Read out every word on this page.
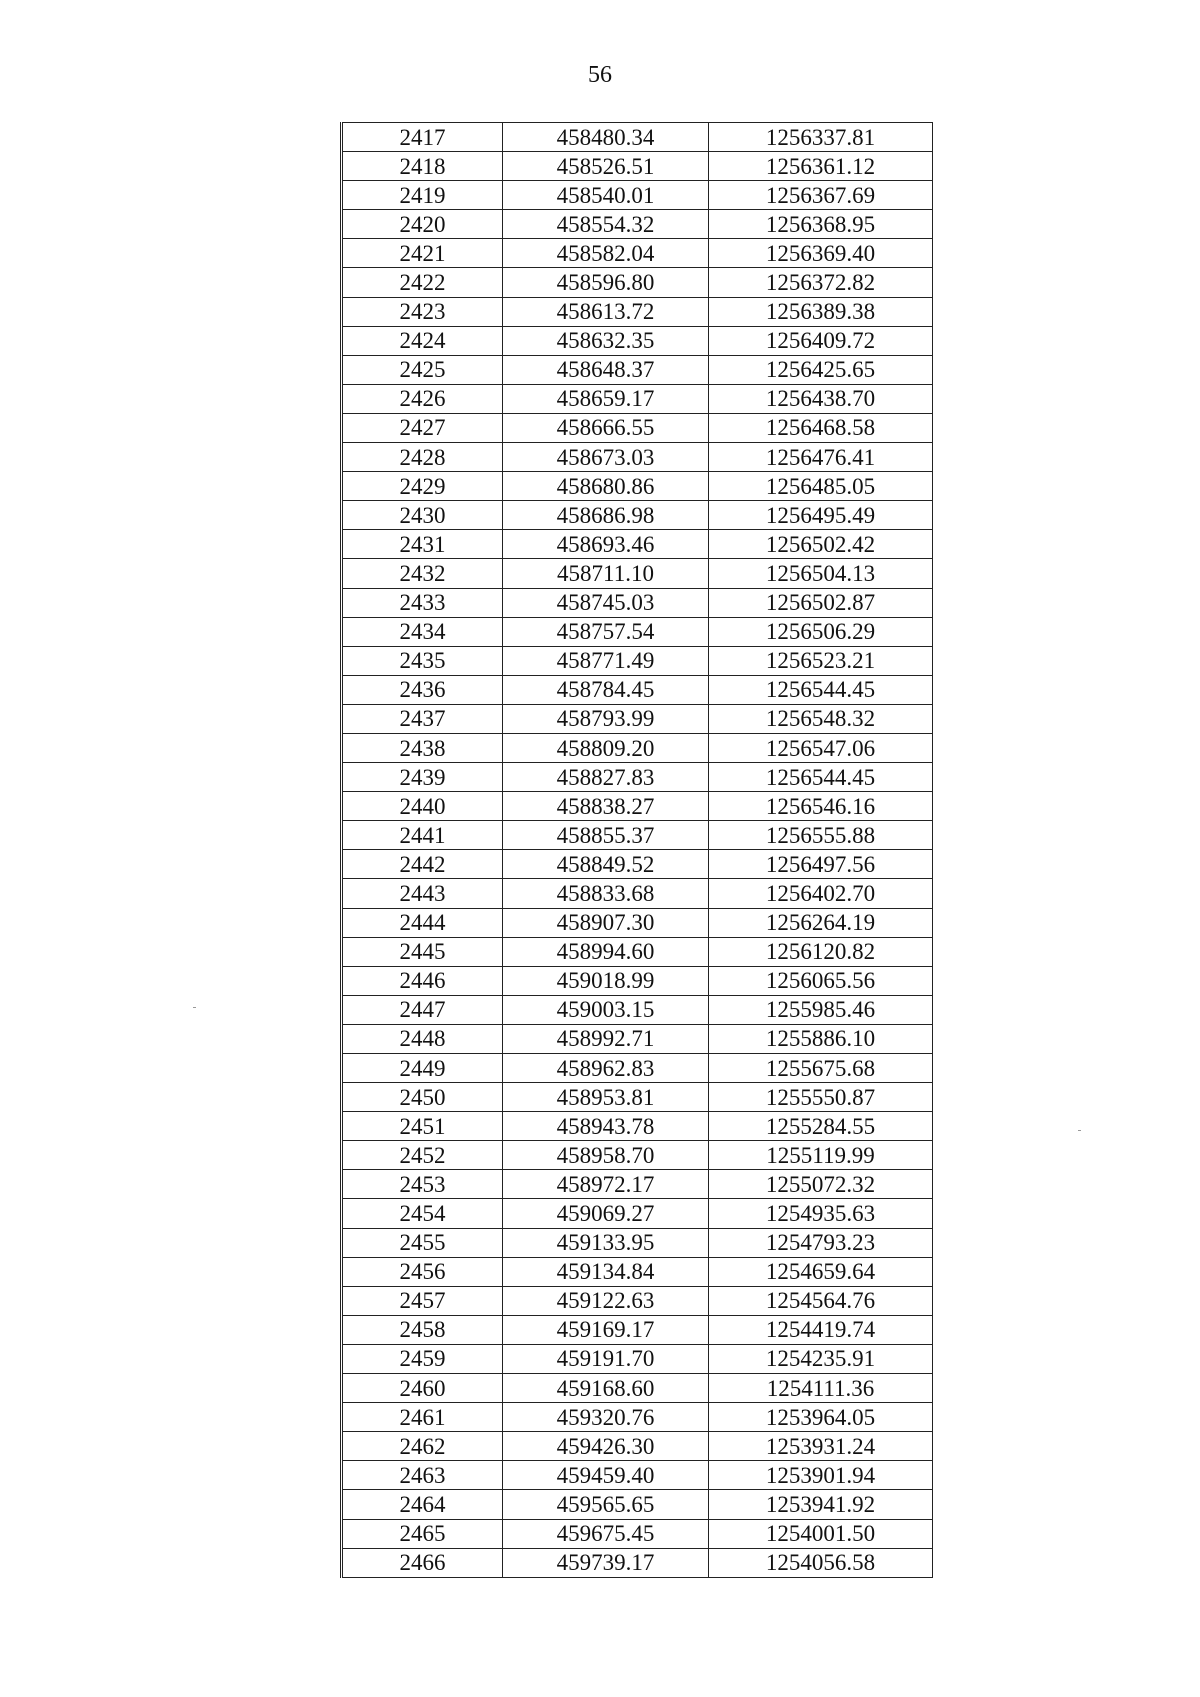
56
2417	458480.34	1256337.81
2418	458526.51	1256361.12
2419	458540.01	1256367.69
2420	458554.32	1256368.95
2421	458582.04	1256369.40
2422	458596.80	1256372.82
2423	458613.72	1256389.38
2424	458632.35	1256409.72
2425	458648.37	1256425.65
2426	458659.17	1256438.70
2427	458666.55	1256468.58
2428	458673.03	1256476.41
2429	458680.86	1256485.05
2430	458686.98	1256495.49
2431	458693.46	1256502.42
2432	458711.10	1256504.13
2433	458745.03	1256502.87
2434	458757.54	1256506.29
2435	458771.49	1256523.21
2436	458784.45	1256544.45
2437	458793.99	1256548.32
2438	458809.20	1256547.06
2439	458827.83	1256544.45
2440	458838.27	1256546.16
2441	458855.37	1256555.88
2442	458849.52	1256497.56
2443	458833.68	1256402.70
2444	458907.30	1256264.19
2445	458994.60	1256120.82
2446	459018.99	1256065.56
2447	459003.15	1255985.46
2448	458992.71	1255886.10
2449	458962.83	1255675.68
2450	458953.81	1255550.87
2451	458943.78	1255284.55
2452	458958.70	1255119.99
2453	458972.17	1255072.32
2454	459069.27	1254935.63
2455	459133.95	1254793.23
2456	459134.84	1254659.64
2457	459122.63	1254564.76
2458	459169.17	1254419.74
2459	459191.70	1254235.91
2460	459168.60	1254111.36
2461	459320.76	1253964.05
2462	459426.30	1253931.24
2463	459459.40	1253901.94
2464	459565.65	1253941.92
2465	459675.45	1254001.50
2466	459739.17	1254056.58
